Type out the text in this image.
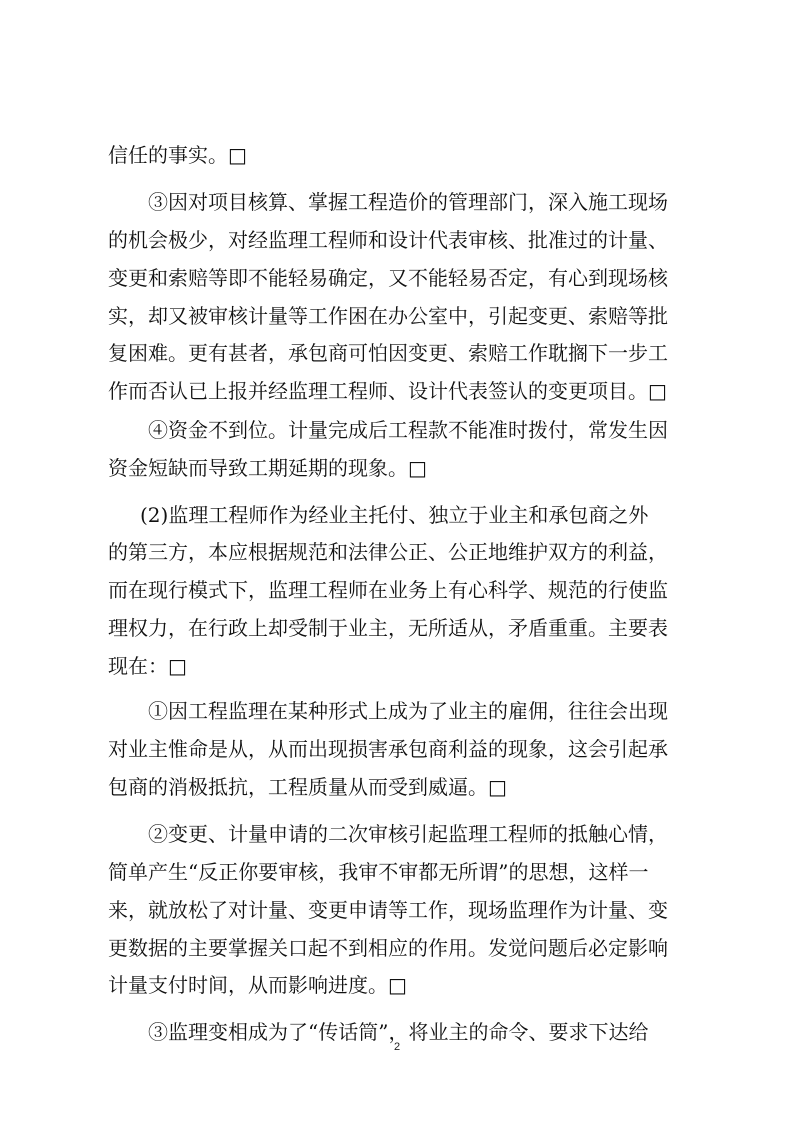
信任的事实。□
③因对项目核算、掌握工程造价的管理部门，深入施工现场
的机会极少，对经监理工程师和设计代表审核、批准过的计量、
变更和索赔等即不能轻易确定，又不能轻易否定，有心到现场核
实，却又被审核计量等工作困在办公室中，引起变更、索赔等批
复困难。更有甚者，承包商可怕因变更、索赔工作耽搁下一步工
作而否认已上报并经监理工程师、设计代表签认的变更项目。□
④资金不到位。计量完成后工程款不能准时拨付，常发生因
资金短缺而导致工期延期的现象。□
(2)监理工程师作为经业主托付、独立于业主和承包商之外
的第三方，本应根据规范和法律公正、公正地维护双方的利益，
而在现行模式下，监理工程师在业务上有心科学、规范的行使监
理权力，在行政上却受制于业主，无所适从，矛盾重重。主要表
现在：□
①因工程监理在某种形式上成为了业主的雇佣，往往会出现
对业主惟命是从，从而出现损害承包商利益的现象，这会引起承
包商的消极抵抗，工程质量从而受到威逼。□
②变更、计量申请的二次审核引起监理工程师的抵触心情，
简单产生“反正你要审核，我审不审都无所谓”的思想，这样一
来，就放松了对计量、变更申请等工作，现场监理作为计量、变
更数据的主要掌握关口起不到相应的作用。发觉问题后必定影响
计量支付时间，从而影响进度。□
③监理变相成为了“传话筒”，将业主的命令、要求下达给
2
